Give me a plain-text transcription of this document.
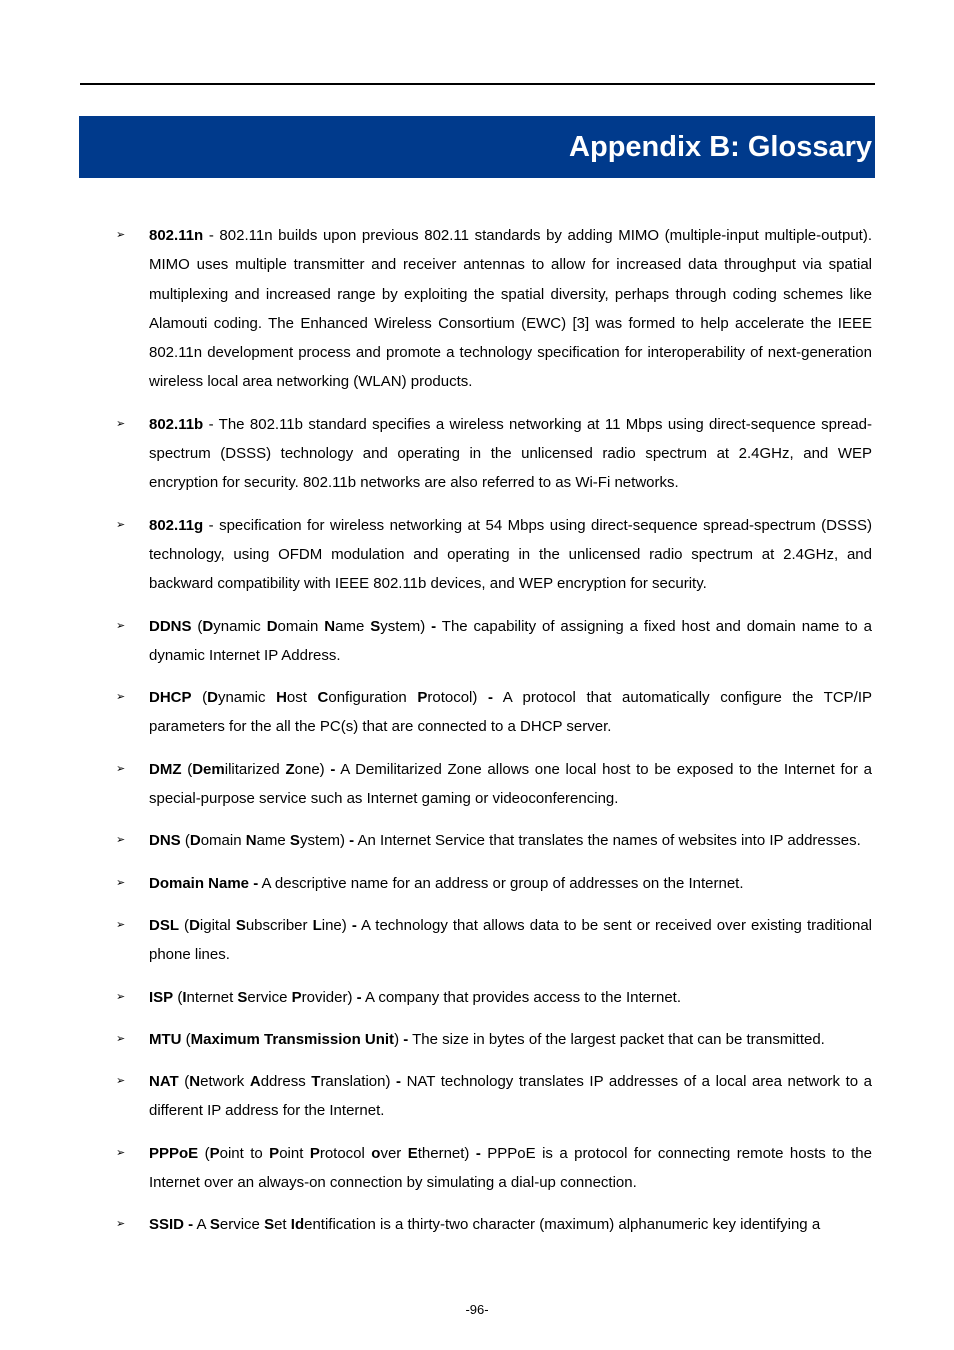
Appendix B: Glossary
➢ 802.11n - 802.11n builds upon previous 802.11 standards by adding MIMO (multiple-input multiple-output). MIMO uses multiple transmitter and receiver antennas to allow for increased data throughput via spatial multiplexing and increased range by exploiting the spatial diversity, perhaps through coding schemes like Alamouti coding. The Enhanced Wireless Consortium (EWC) [3] was formed to help accelerate the IEEE 802.11n development process and promote a technology specification for interoperability of next-generation wireless local area networking (WLAN) products.

➢ 802.11b - The 802.11b standard specifies a wireless networking at 11 Mbps using direct-sequence spread-spectrum (DSSS) technology and operating in the unlicensed radio spectrum at 2.4GHz, and WEP encryption for security. 802.11b networks are also referred to as Wi-Fi networks.

➢ 802.11g - specification for wireless networking at 54 Mbps using direct-sequence spread-spectrum (DSSS) technology, using OFDM modulation and operating in the unlicensed radio spectrum at 2.4GHz, and backward compatibility with IEEE 802.11b devices, and WEP encryption for security.

➢ DDNS (Dynamic Domain Name System) - The capability of assigning a fixed host and domain name to a dynamic Internet IP Address.

➢ DHCP (Dynamic Host Configuration Protocol) - A protocol that automatically configure the TCP/IP parameters for the all the PC(s) that are connected to a DHCP server.

➢ DMZ (Demilitarized Zone) - A Demilitarized Zone allows one local host to be exposed to the Internet for a special-purpose service such as Internet gaming or videoconferencing.

➢ DNS (Domain Name System) - An Internet Service that translates the names of websites into IP addresses.

➢ Domain Name - A descriptive name for an address or group of addresses on the Internet.

➢ DSL (Digital Subscriber Line) - A technology that allows data to be sent or received over existing traditional phone lines.

➢ ISP (Internet Service Provider) - A company that provides access to the Internet.

➢ MTU (Maximum Transmission Unit) - The size in bytes of the largest packet that can be transmitted.

➢ NAT (Network Address Translation) - NAT technology translates IP addresses of a local area network to a different IP address for the Internet.

➢ PPPoE (Point to Point Protocol over Ethernet) - PPPoE is a protocol for connecting remote hosts to the Internet over an always-on connection by simulating a dial-up connection.

➢ SSID - A Service Set Identification is a thirty-two character (maximum) alphanumeric key identifying a

-96-
